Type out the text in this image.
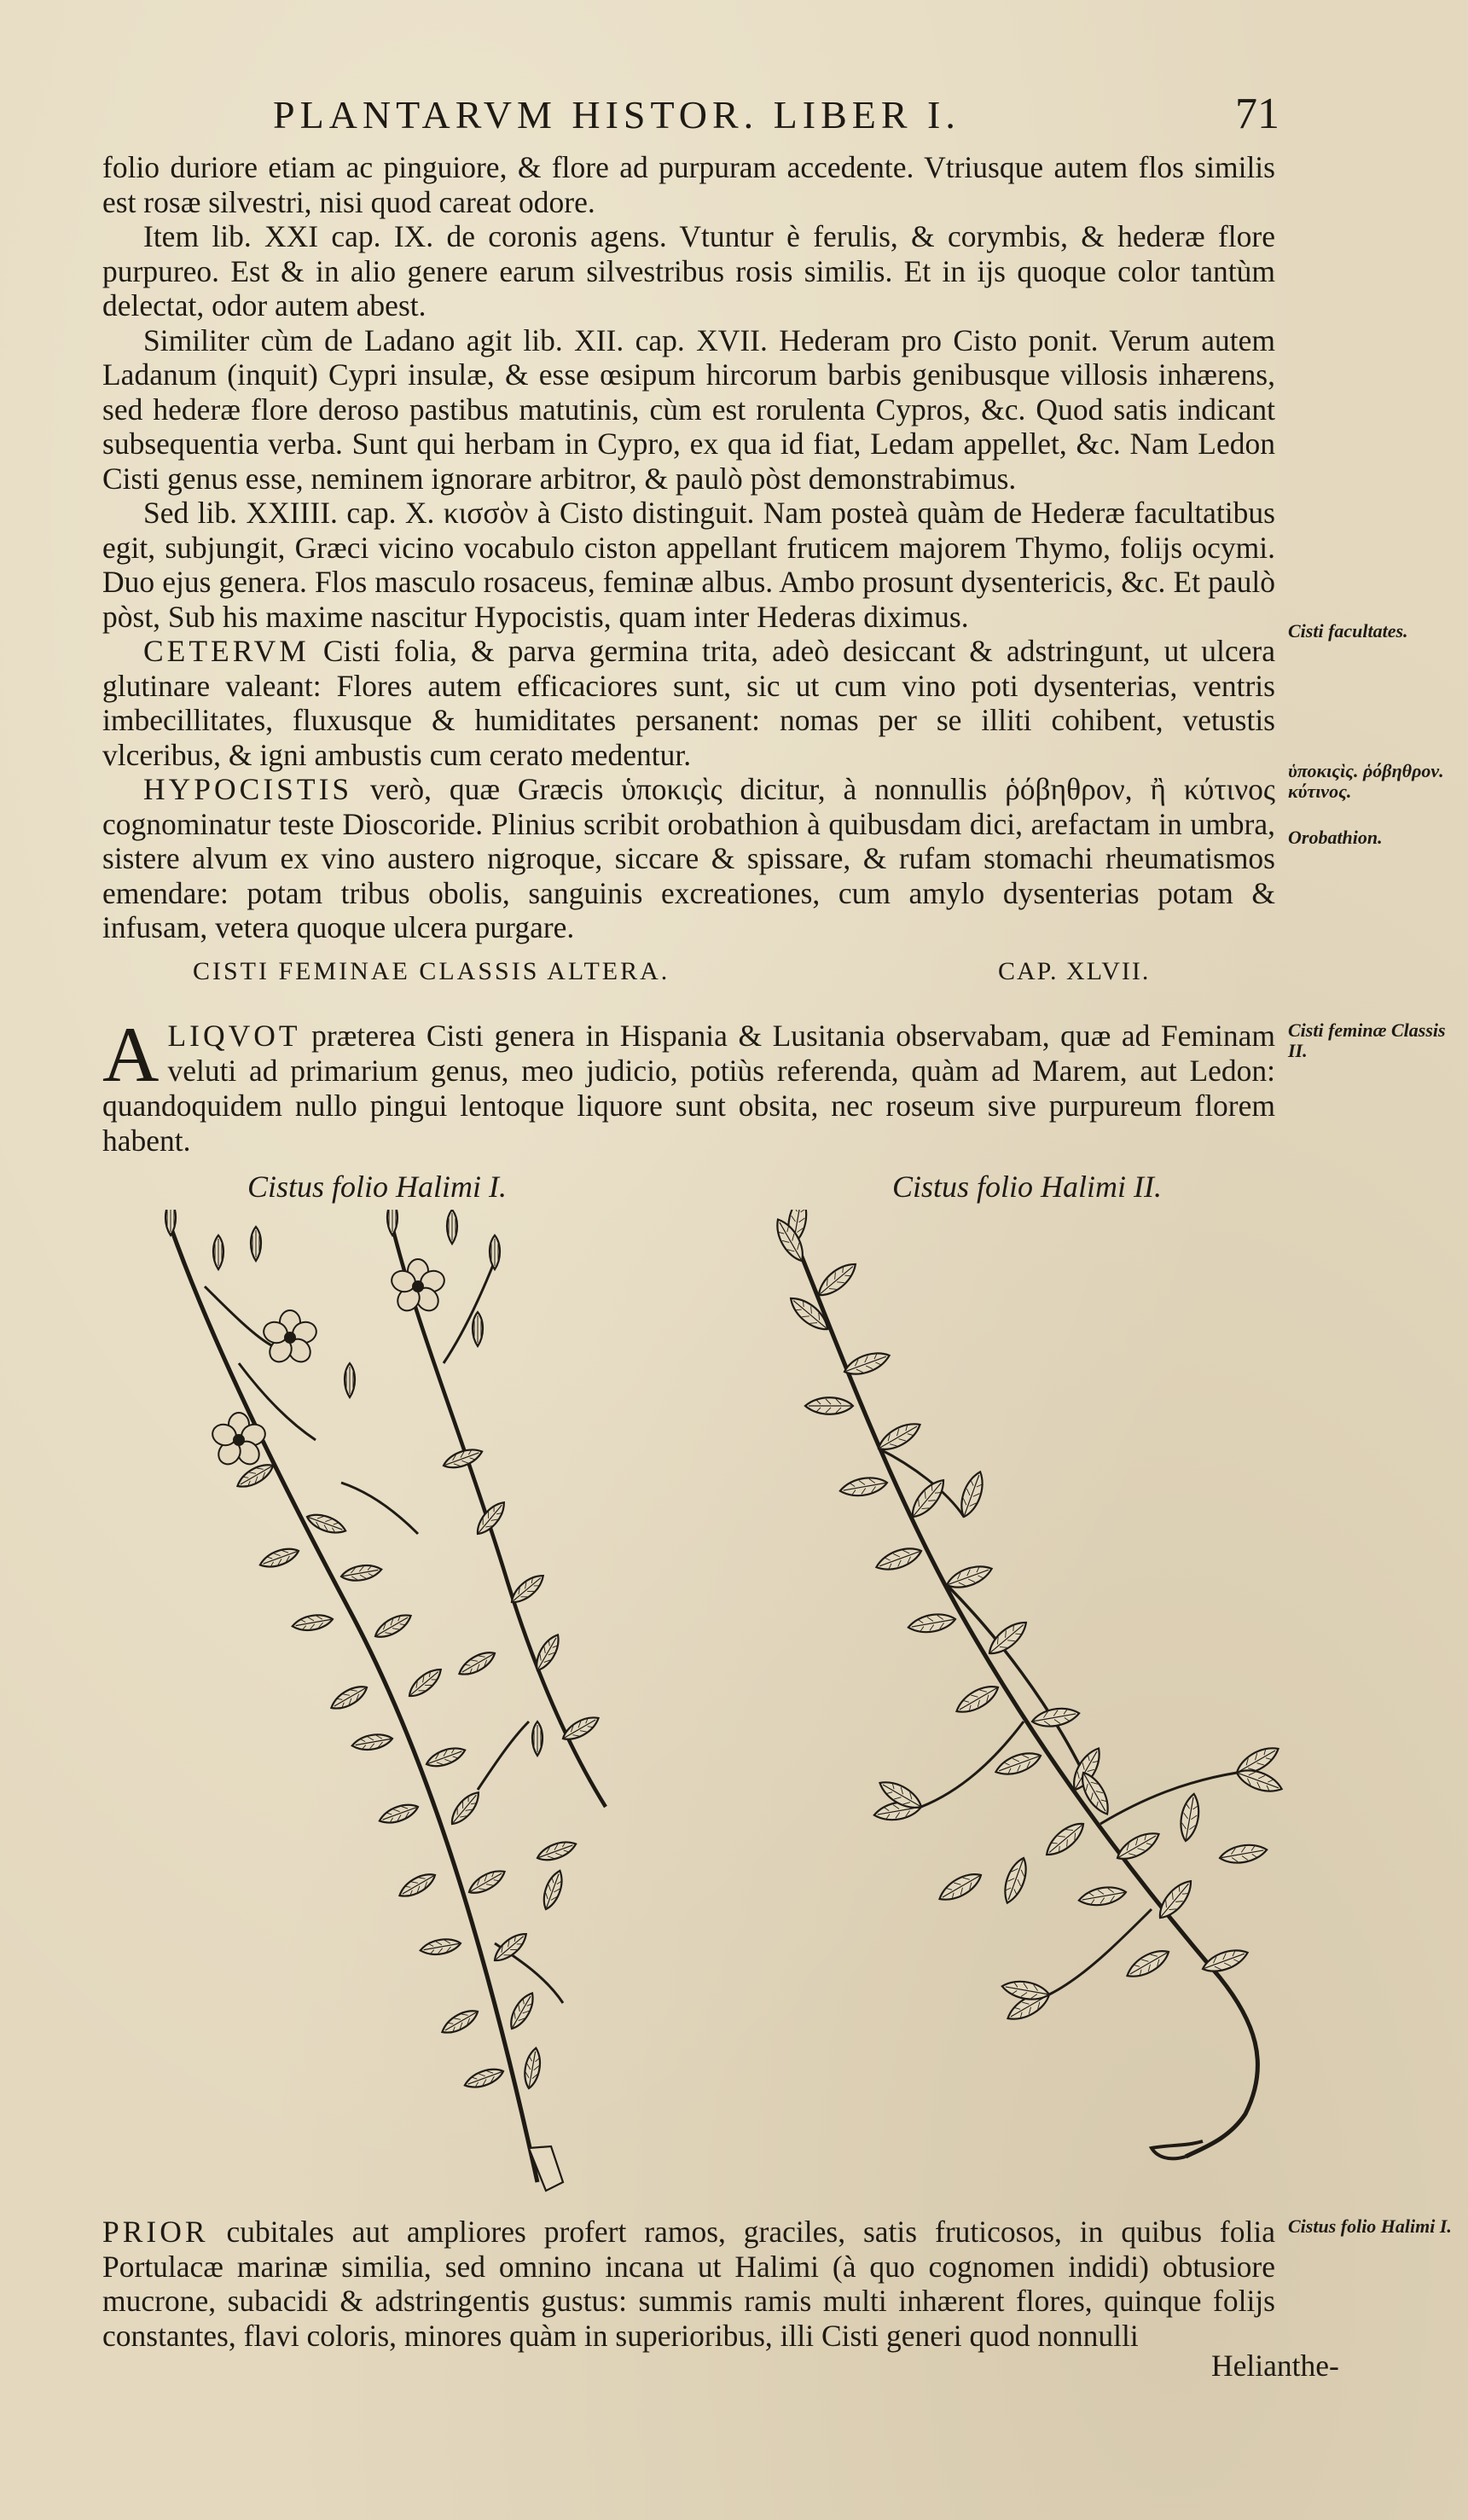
PLANTARVM HISTOR. LIBER I.	71

folio duriore etiam ac pinguiore, & flore ad purpuram accedente. Vtriusque autem flos similis est rosæ silvestri, nisi quod careat odore.

Item lib. XXI cap. IX. de coronis agens. Vtuntur è ferulis, & corymbis, & hederæ flore purpureo. Est & in alio genere earum silvestribus rosis similis. Et in ijs quoque color tantùm delectat, odor autem abest.

Similiter cùm de Ladano agit lib. XII. cap. XVII. Hederam pro Cisto ponit. Verum autem Ladanum (inquit) Cypri insulæ, & esse œsipum hircorum barbis genibusque villosis inhærens, sed hederæ flore deroso pastibus matutinis, cùm est rorulenta Cypros, &c. Quod satis indicant subsequentia verba. Sunt qui herbam in Cypro, ex qua id fiat, Ledam appellet, &c. Nam Ledon Cisti genus esse, neminem ignorare arbitror, & paulò pòst demonstrabimus.

Sed lib. XXIIII. cap. X. κισσὸν à Cisto distinguit. Nam posteà quàm de Hederæ facultatibus egit, subjungit, Græci vicino vocabulo ciston appellant fruticem majorem Thymo, folijs ocymi. Duo ejus genera. Flos masculo rosaceus, feminæ albus. Ambo prosunt dysentericis, &c. Et paulò pòst, Sub his maxime nascitur Hypocistis, quam inter Hederas diximus.

CETERVM Cisti folia, & parva germina trita, adeò desiccant & adstringunt, ut ulcera glutinare valeant: Flores autem efficaciores sunt, sic ut cum vino poti dysenterias, ventris imbecillitates, fluxusque & humiditates persanent: nomas per se illiti cohibent, vetustis vlceribus, & igni ambustis cum cerato medentur.

HYPOCISTIS verò, quæ Græcis ὑποκιςὶς dicitur, à nonnullis ῥόβηθρον, ἢ κύτινος cognominatur teste Dioscoride. Plinius scribit orobathion à quibusdam dici, arefactam in umbra, sistere alvum ex vino austero nigroque, siccare & spissare, & rufam stomachi rheumatismos emendare: potam tribus obolis, sanguinis excreationes, cum amylo dysenterias potam & infusam, vetera quoque ulcera purgare.

Cisti facultates.
ὑποκιςὶς. ῥόβηθρον. κύτινος.
Orobathion.
Cisti feminæ Classis II.
Cistus folio Halimi I.
CISTI FEMINAE CLASSIS ALTERA.	CAP. XLVII.
ALIQVOT præterea Cisti genera in Hispania & Lusitania observabam, quæ ad Feminam veluti ad primarium genus, meo judicio, potiùs referenda, quàm ad Marem, aut Ledon: quandoquidem nullo pingui lentoque liquore sunt obsita, nec roseum sive purpureum florem habent.
Cistus folio Halimi I.	Cistus folio Halimi II.
PRIOR cubitales aut ampliores profert ramos, graciles, satis fruticosos, in quibus folia Portulacæ marinæ similia, sed omnino incana ut Halimi (à quo cognomen indidi) obtusiore mucrone, subacidi & adstringentis gustus: summis ramis multi inhærent flores, quinque folijs constantes, flavi coloris, minores quàm in superioribus, illi Cisti generi quod nonnulli
Helianthe-
